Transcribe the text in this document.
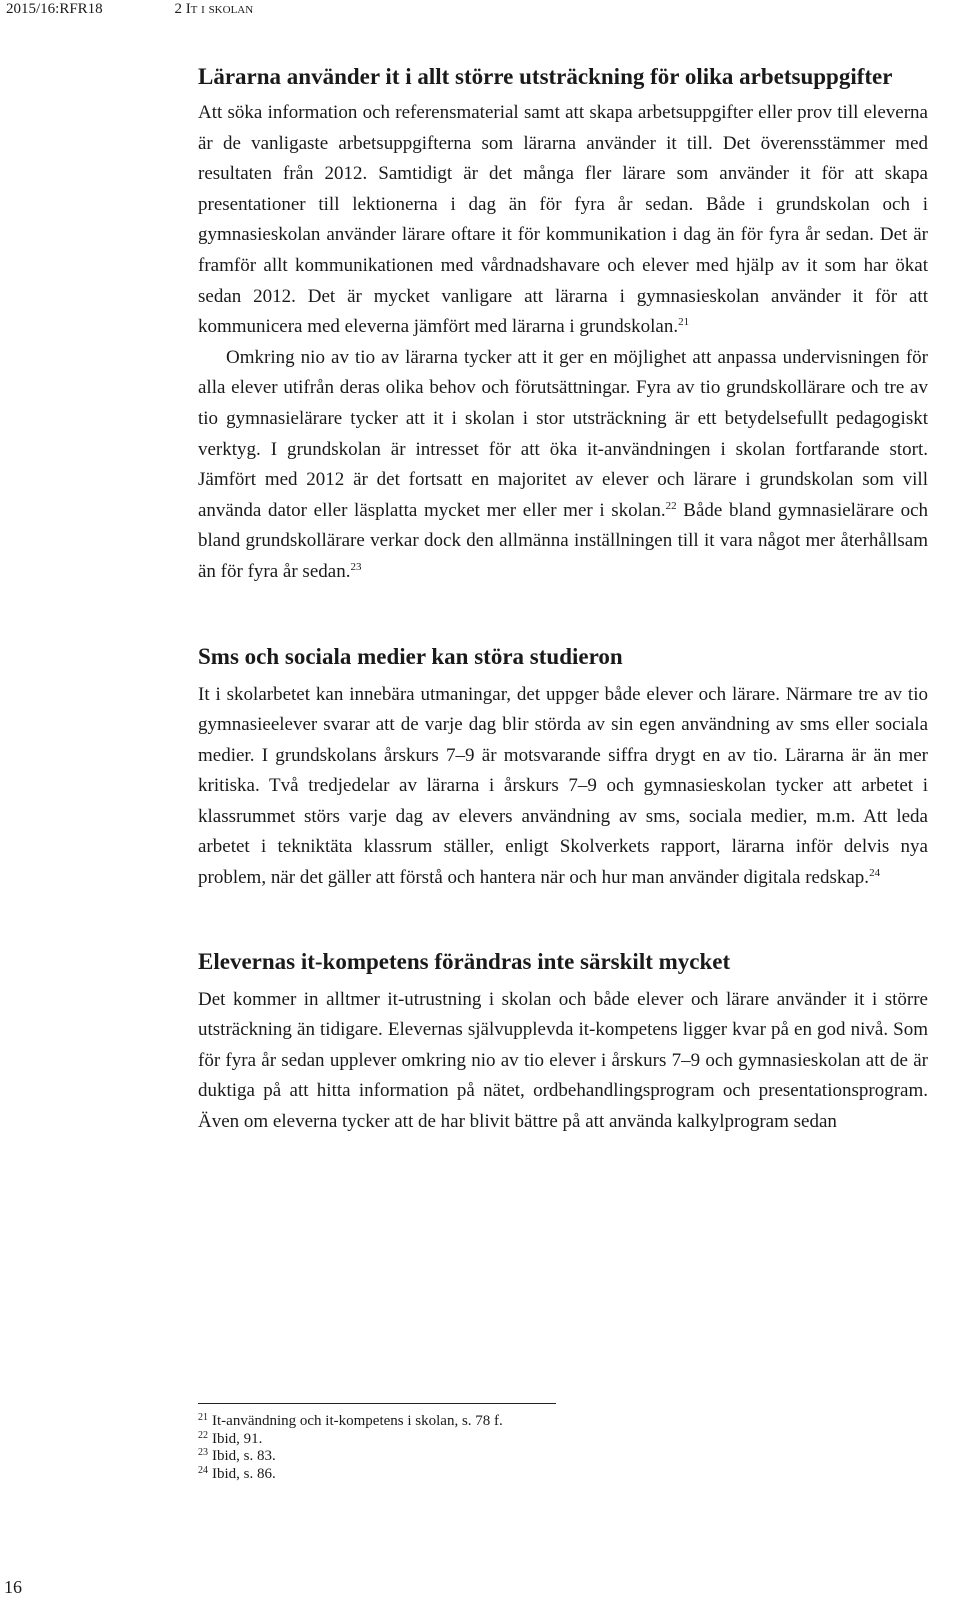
2015/16:RFR18	2 It i skolan
Lärarna använder it i allt större utsträckning för olika arbetsuppgifter

Att söka information och referensmaterial samt att skapa arbetsuppgifter eller prov till eleverna är de vanligaste arbetsuppgifterna som lärarna använder it till. Det överensstämmer med resultaten från 2012. Samtidigt är det många fler lärare som använder it för att skapa presentationer till lektionerna i dag än för fyra år sedan. Både i grundskolan och i gymnasieskolan använder lärare oftare it för kommunikation i dag än för fyra år sedan. Det är framför allt kommunikationen med vårdnadshavare och elever med hjälp av it som har ökat sedan 2012. Det är mycket vanligare att lärarna i gymnasieskolan använder it för att kommunicera med eleverna jämfört med lärarna i grundskolan.$^{21}$

Omkring nio av tio av lärarna tycker att it ger en möjlighet att anpassa undervisningen för alla elever utifrån deras olika behov och förutsättningar. Fyra av tio grundskollärare och tre av tio gymnasielärare tycker att it i skolan i stor utsträckning är ett betydelsefullt pedagogiskt verktyg. I grundskolan är intresset för att öka it-användningen i skolan fortfarande stort. Jämfört med 2012 är det fortsatt en majoritet av elever och lärare i grundskolan som vill använda dator eller läsplatta mycket mer eller mer i skolan.$^{22}$ Både bland gymnasielärare och bland grundskollärare verkar dock den allmänna inställningen till it vara något mer återhållsam än för fyra år sedan.$^{23}$

Sms och sociala medier kan störa studieron

It i skolarbetet kan innebära utmaningar, det uppger både elever och lärare. Närmare tre av tio gymnasieelever svarar att de varje dag blir störda av sin egen användning av sms eller sociala medier. I grundskolans årskurs 7–9 är motsvarande siffra drygt en av tio. Lärarna är än mer kritiska. Två tredjedelar av lärarna i årskurs 7–9 och gymnasieskolan tycker att arbetet i klassrummet störs varje dag av elevers användning av sms, sociala medier, m.m. Att leda arbetet i tekniktäta klassrum ställer, enligt Skolverkets rapport, lärarna inför delvis nya problem, när det gäller att förstå och hantera när och hur man använder digitala redskap.$^{24}$

Elevernas it-kompetens förändras inte särskilt mycket

Det kommer in alltmer it-utrustning i skolan och både elever och lärare använder it i större utsträckning än tidigare. Elevernas självupplevda it-kompetens ligger kvar på en god nivå. Som för fyra år sedan upplever omkring nio av tio elever i årskurs 7–9 och gymnasieskolan att de är duktiga på att hitta information på nätet, ordbehandlingsprogram och presentationsprogram. Även om eleverna tycker att de har blivit bättre på att använda kalkylprogram sedan

$^{21}$ It-användning och it-kompetens i skolan, s. 78 f.
$^{22}$ Ibid, 91.
$^{23}$ Ibid, s. 83.
$^{24}$ Ibid, s. 86.
16
